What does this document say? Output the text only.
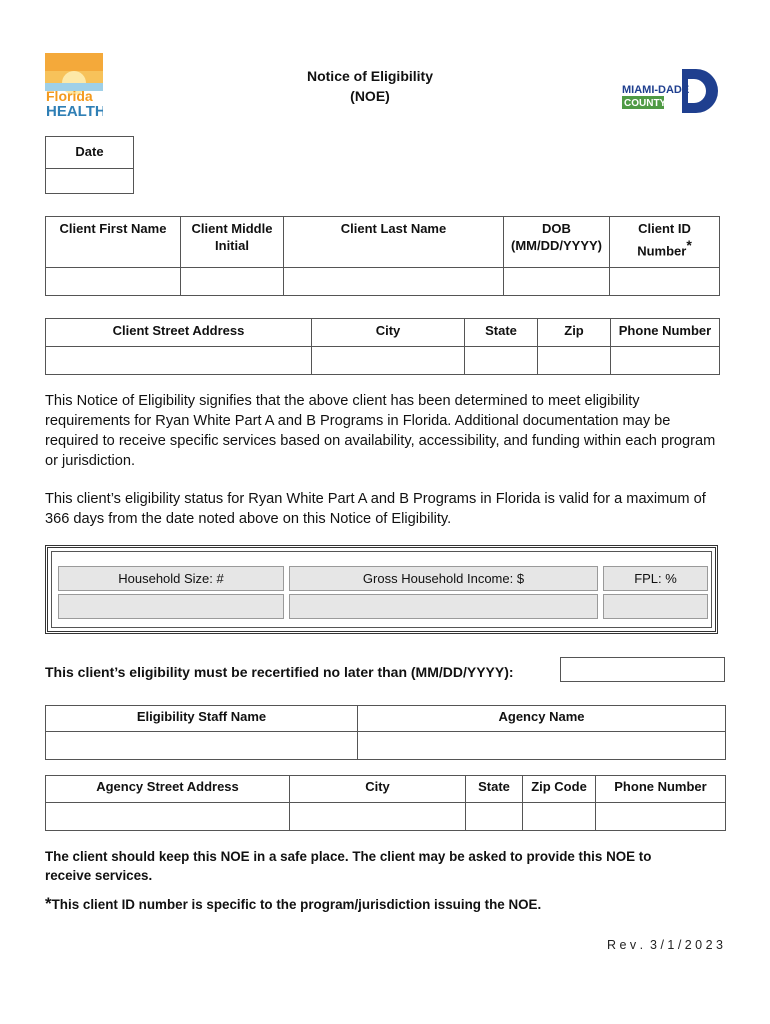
Florida
HEALTH
Notice of Eligibility
(NOE)	MIAMI-DADE
COUNTY
Date

Client First Name	Client Middle Initial	Client Last Name	DOB (MM/DD/YYYY)	Client ID Number*

Client Street Address	City	State	Zip	Phone Number

This Notice of Eligibility signifies that the above client has been determined to meet eligibility requirements for Ryan White Part A and B Programs in Florida. Additional documentation may be required to receive specific services based on availability, accessibility, and funding within each program or jurisdiction.
This client’s eligibility status for Ryan White Part A and B Programs in Florida is valid for a maximum of 366 days from the date noted above on this Notice of Eligibility.
Household Size: #	Gross Household Income: $	FPL: %
This client’s eligibility must be recertified no later than (MM/DD/YYYY):
Eligibility Staff Name	Agency Name

Agency Street Address	City	State	Zip Code	Phone Number

The client should keep this NOE in a safe place. The client may be asked to provide this NOE to receive services.
*This client ID number is specific to the program/jurisdiction issuing the NOE.
R e v .  3 / 1 / 2 0 2 3
